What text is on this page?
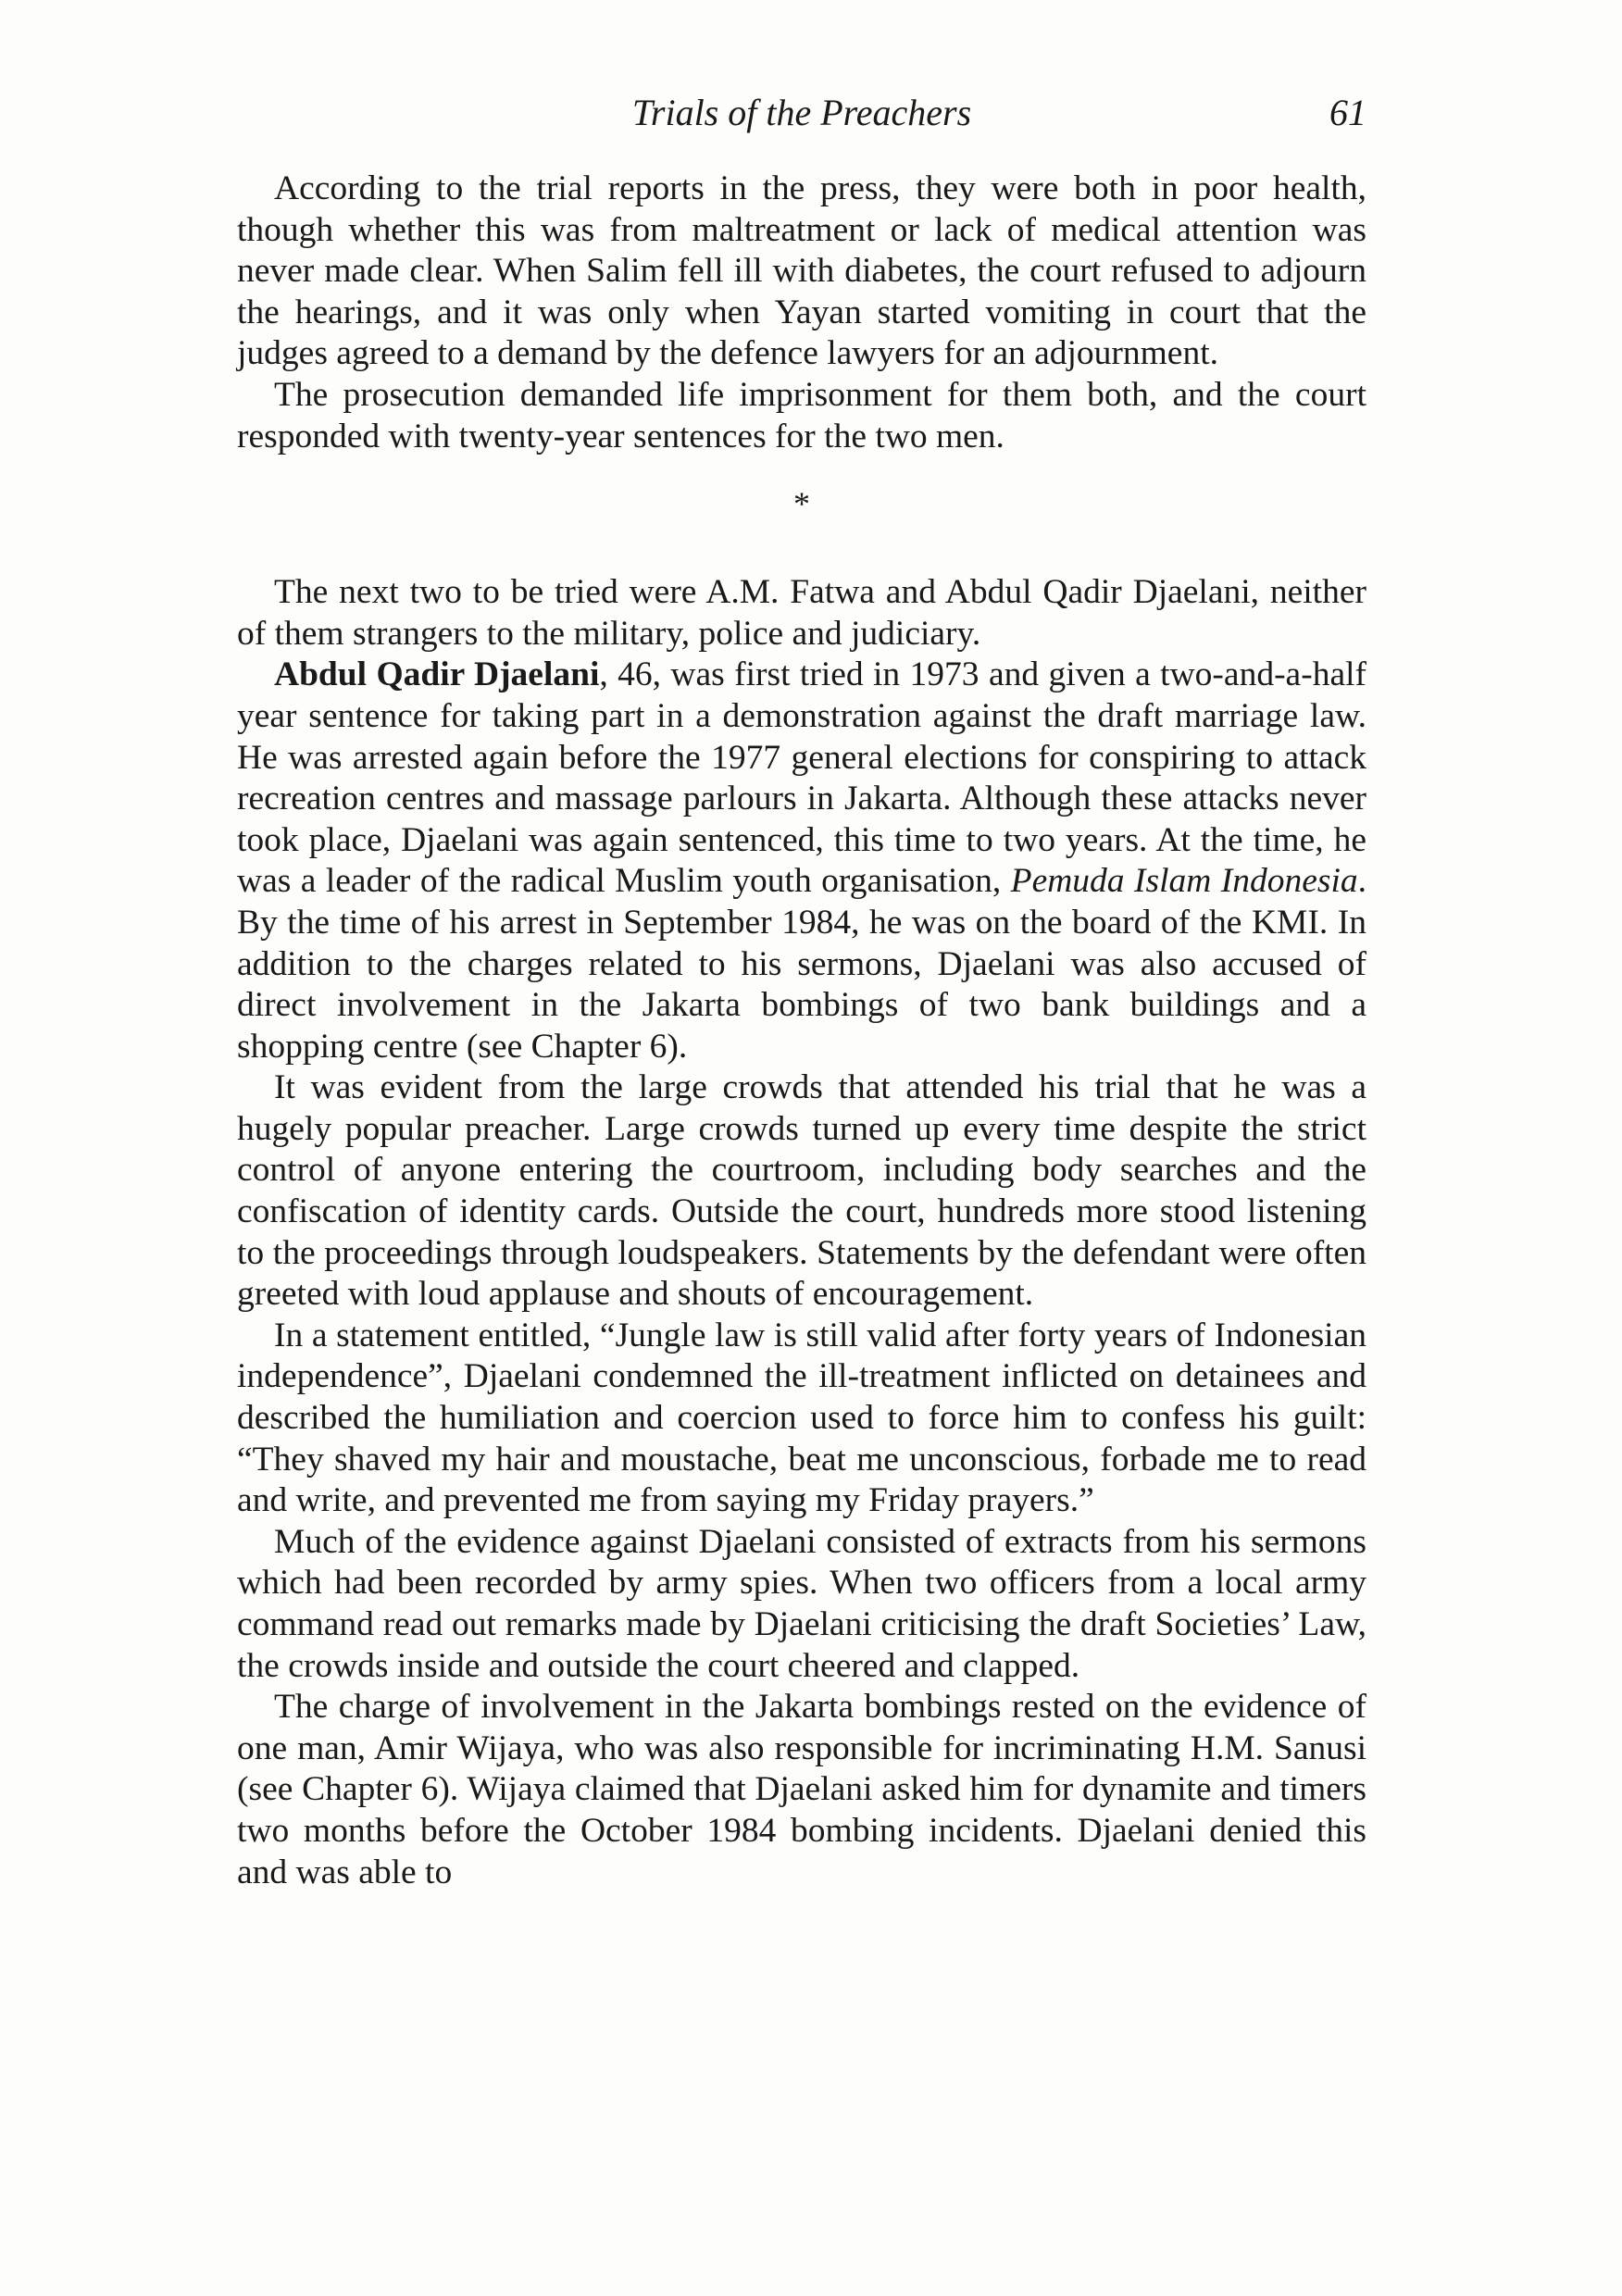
Trials of the Preachers	61

According to the trial reports in the press, they were both in poor health, though whether this was from maltreatment or lack of medical attention was never made clear. When Salim fell ill with diabetes, the court refused to adjourn the hearings, and it was only when Yayan started vomiting in court that the judges agreed to a demand by the defence lawyers for an adjournment.

The prosecution demanded life imprisonment for them both, and the court responded with twenty-year sentences for the two men.

*

The next two to be tried were A.M. Fatwa and Abdul Qadir Djaelani, neither of them strangers to the military, police and judiciary.

Abdul Qadir Djaelani, 46, was first tried in 1973 and given a two-and-a-half year sentence for taking part in a demonstration against the draft marriage law. He was arrested again before the 1977 general elections for conspiring to attack recreation centres and massage parlours in Jakarta. Although these attacks never took place, Djaelani was again sentenced, this time to two years. At the time, he was a leader of the radical Muslim youth organisation, Pemuda Islam Indonesia. By the time of his arrest in September 1984, he was on the board of the KMI. In addition to the charges related to his sermons, Djaelani was also accused of direct involvement in the Jakarta bombings of two bank buildings and a shopping centre (see Chapter 6).

It was evident from the large crowds that attended his trial that he was a hugely popular preacher. Large crowds turned up every time despite the strict control of anyone entering the courtroom, including body searches and the confiscation of identity cards. Outside the court, hundreds more stood listening to the proceedings through loudspeakers. Statements by the defendant were often greeted with loud applause and shouts of encouragement.

In a statement entitled, “Jungle law is still valid after forty years of Indonesian independence”, Djaelani condemned the ill-treatment inflicted on detainees and described the humiliation and coercion used to force him to confess his guilt: “They shaved my hair and moustache, beat me unconscious, forbade me to read and write, and prevented me from saying my Friday prayers.”

Much of the evidence against Djaelani consisted of extracts from his sermons which had been recorded by army spies. When two officers from a local army command read out remarks made by Djaelani criticising the draft Societies’ Law, the crowds inside and outside the court cheered and clapped.

The charge of involvement in the Jakarta bombings rested on the evidence of one man, Amir Wijaya, who was also responsible for incriminating H.M. Sanusi (see Chapter 6). Wijaya claimed that Djaelani asked him for dynamite and timers two months before the October 1984 bombing incidents. Djaelani denied this and was able to
